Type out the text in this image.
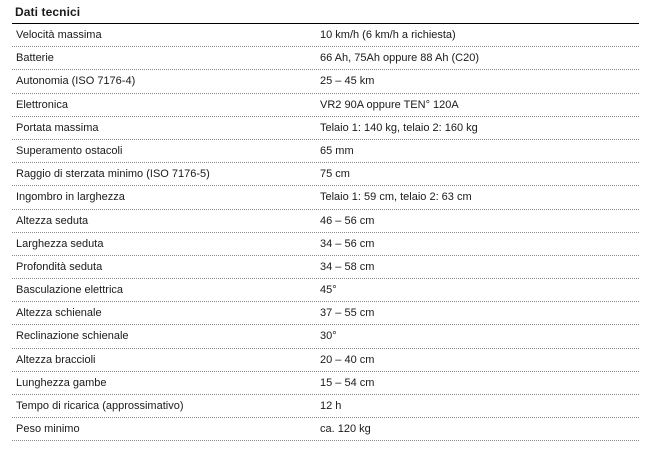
Dati tecnici
Velocità massima	10 km/h (6 km/h a richiesta)
Batterie	66 Ah, 75Ah oppure 88 Ah (C20)
Autonomia (ISO 7176-4)	25 – 45 km
Elettronica	VR2 90A oppure TEN° 120A
Portata massima	Telaio 1: 140 kg, telaio 2: 160 kg
Superamento ostacoli	65 mm
Raggio di sterzata minimo (ISO 7176-5)	75 cm
Ingombro in larghezza	Telaio 1: 59 cm, telaio 2: 63 cm
Altezza seduta	46 – 56 cm
Larghezza seduta	34 – 56 cm
Profondità seduta	34 – 58 cm
Basculazione elettrica	45°
Altezza schienale	37 – 55 cm
Reclinazione schienale	30°
Altezza braccioli	20 – 40 cm
Lunghezza gambe	15 – 54 cm
Tempo di ricarica (approssimativo)	12 h
Peso minimo	ca. 120 kg
